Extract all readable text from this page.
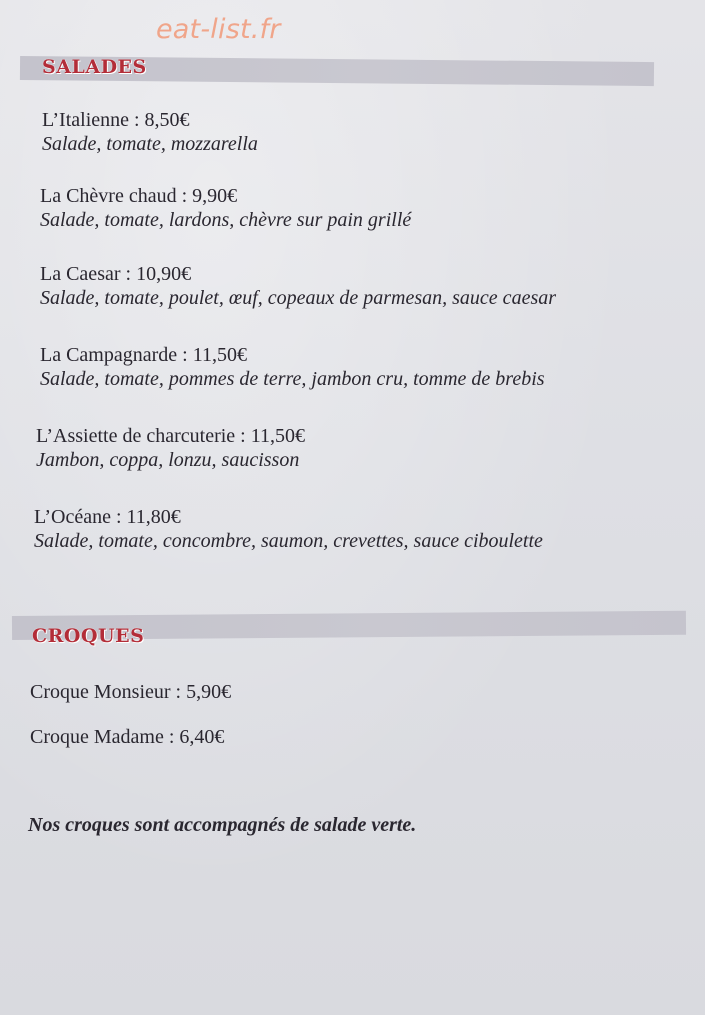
eat-list.fr
SALADES
L’Italienne : 8,50€
Salade, tomate, mozzarella
La Chèvre chaud : 9,90€
Salade, tomate, lardons, chèvre sur pain grillé
La Caesar : 10,90€
Salade, tomate, poulet, œuf, copeaux de parmesan, sauce caesar
La Campagnarde : 11,50€
Salade, tomate, pommes de terre, jambon cru, tomme de brebis
L’Assiette de charcuterie : 11,50€
Jambon, coppa, lonzu, saucisson
L’Océane : 11,80€
Salade, tomate, concombre, saumon, crevettes, sauce ciboulette
CROQUES
Croque Monsieur : 5,90€
Croque Madame : 6,40€
Nos croques sont accompagnés de salade verte.
